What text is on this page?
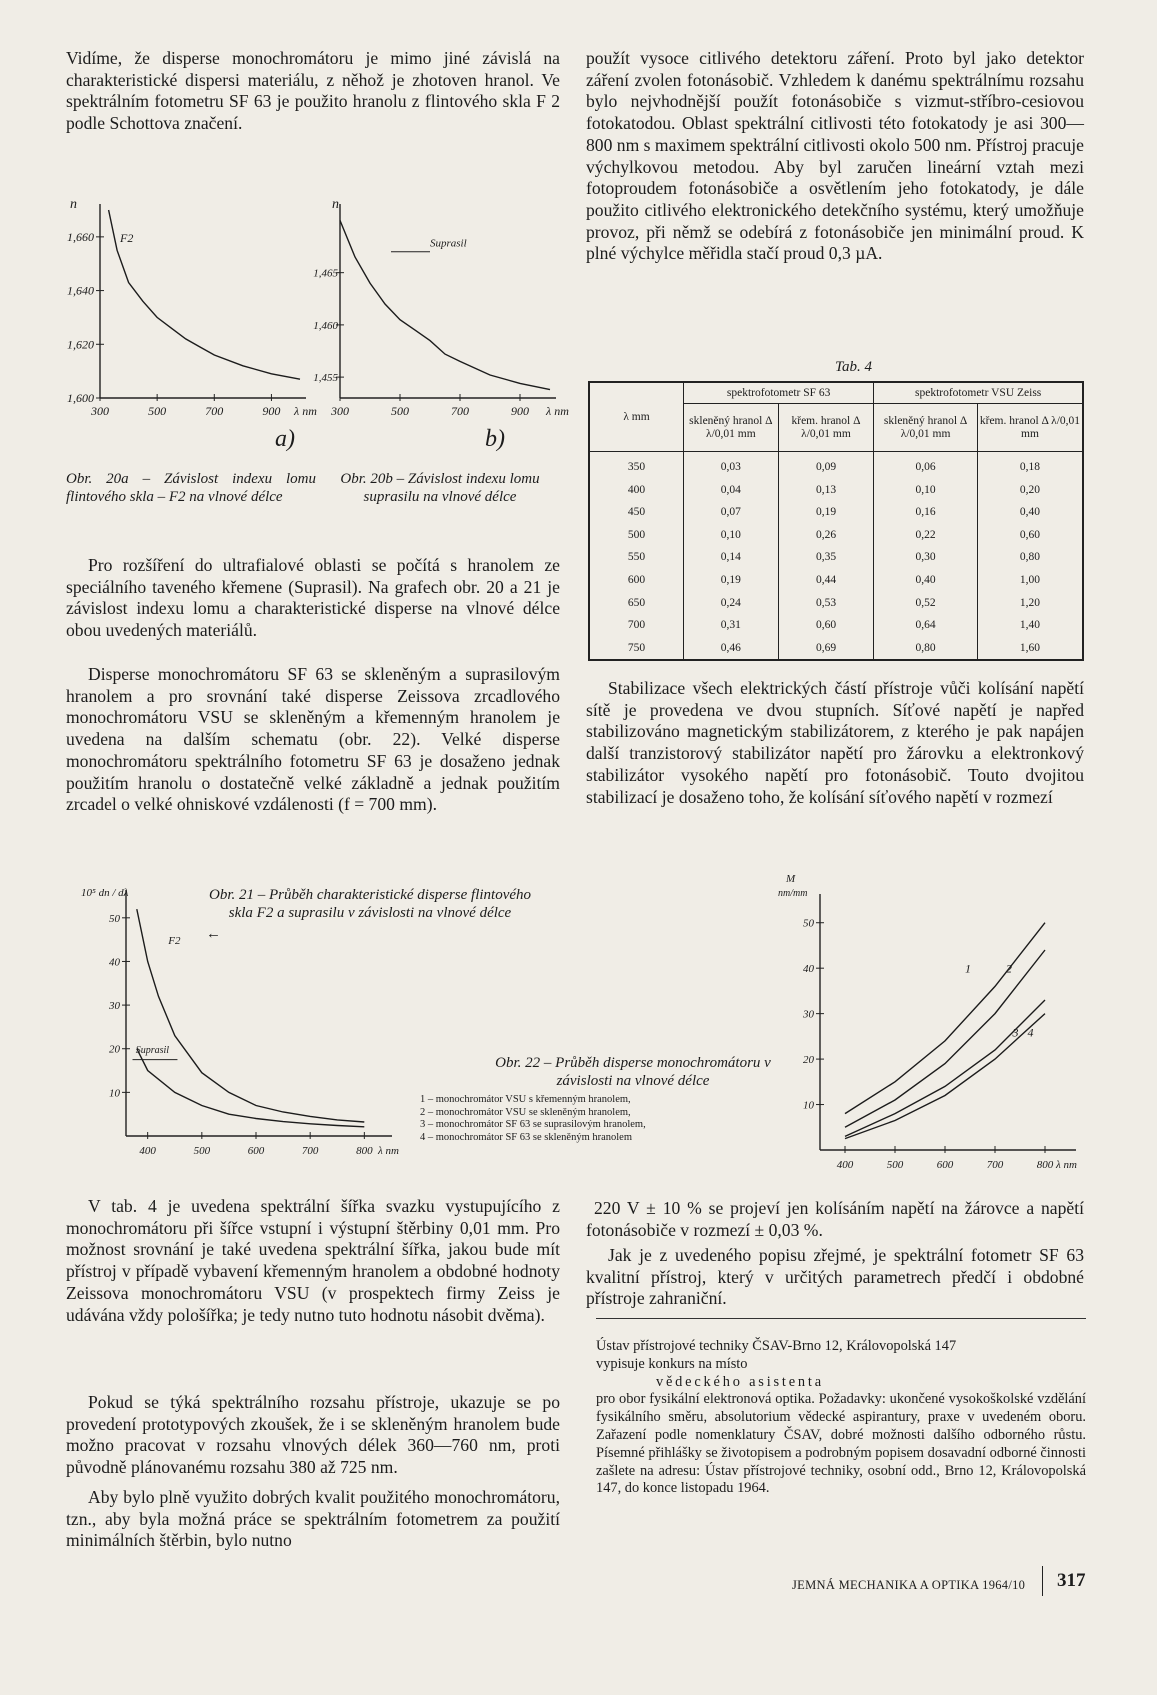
Vidíme, že disperse monochromátoru je mimo jiné závislá na charakteristické dispersi materiálu, z něhož je zhotoven hranol. Ve spektrálním fotometru SF 63 je použito hranolu z flintového skla F 2 podle Schottova značení.

1,660
1,640
1,620
1,600
300	500	700	900 λ nm
n
F2
a)
1,465
1,460
1,455
300	500	700	900 λ nm
n
Suprasil
b)

Obr. 20a – Závislost indexu lomu flintového skla – F2 na vlnové délce

Obr. 20b – Závislost indexu lomu suprasilu na vlnové délce

Pro rozšíření do ultrafialové oblasti se počítá s hranolem ze speciálního taveného křemene (Suprasil). Na grafech obr. 20 a 21 je závislost indexu lomu a charakteristické disperse na vlnové délce obou uvedených materiálů.

Disperse monochromátoru SF 63 se skleněným a suprasilovým hranolem a pro srovnání také disperse Zeissova zrcadlového monochromátoru VSU se skleněným a křemenným hranolem je uvedena na dalším schematu (obr. 22). Velké disperse monochromátoru spektrálního fotometru SF 63 je dosaženo jednak použitím hranolu o dostatečně velké základně a jednak použitím zrcadel o velké ohniskové vzdálenosti (f = 700 mm).

50
40
30
20
10
400	500	600	700	800 λ nm
10⁵ dn / dλ
F2
Suprasil

Obr. 21 – Průběh charakteristické disperse flintového skla F2 a suprasilu v závislosti na vlnové délce

←

V tab. 4 je uvedena spektrální šířka svazku vystupujícího z monochromátoru při šířce vstupní i výstupní štěrbiny 0,01 mm. Pro možnost srovnání je také uvedena spektrální šířka, jakou bude mít přístroj v případě vybavení křemenným hranolem a obdobné hodnoty Zeissova monochromátoru VSU (v prospektech firmy Zeiss je udávána vždy pološířka; je tedy nutno tuto hodnotu násobit dvěma).

Pokud se týká spektrálního rozsahu přístroje, ukazuje se po provedení prototypových zkoušek, že i se skleněným hranolem bude možno pracovat v rozsahu vlnových délek 360—760 nm, proti původně plánovanému rozsahu 380 až 725 nm.

Aby bylo plně využito dobrých kvalit použitého monochromátoru, tzn., aby byla možná práce se spektrálním fotometrem za použití minimálních štěrbin, bylo nutno

použít vysoce citlivého detektoru záření. Proto byl jako detektor záření zvolen fotonásobič. Vzhledem k danému spektrálnímu rozsahu bylo nejvhodnější použít fotonásobiče s vizmut-stříbro-cesiovou fotokatodou. Oblast spektrální citlivosti této fotokatody je asi 300—800 nm s maximem spektrální citlivosti okolo 500 nm. Přístroj pracuje výchylkovou metodou. Aby byl zaručen lineární vztah mezi fotoproudem fotonásobiče a osvětlením jeho fotokatody, je dále použito citlivého elektronického detekčního systému, který umožňuje provoz, při němž se odebírá z fotonásobiče jen minimální proud. K plné výchylce měřidla stačí proud 0,3 µA.

Tab. 4
λ mm	spektrofotometr SF 63		spektrofotometr VSU Zeiss	
	skleněný hranol Δ λ/0,01 mm	křem. hranol Δ λ/0,01 mm	skleněný hranol Δ λ/0,01 mm	křem. hranol Δ λ/0,01 mm
350	0,03	0,09	0,06	0,18
400	0,04	0,13	0,10	0,20
450	0,07	0,19	0,16	0,40
500	0,10	0,26	0,22	0,60
550	0,14	0,35	0,30	0,80
600	0,19	0,44	0,40	1,00
650	0,24	0,53	0,52	1,20
700	0,31	0,60	0,64	1,40
750	0,46	0,69	0,80	1,60

Stabilizace všech elektrických částí přístroje vůči kolísání napětí sítě je provedena ve dvou stupních. Síťové napětí je napřed stabilizováno magnetickým stabilizátorem, z kterého je pak napájen další tranzistorový stabilizátor napětí pro žárovku a elektronkový stabilizátor vysokého napětí pro fotonásobič. Touto dvojitou stabilizací je dosaženo toho, že kolísání síťového napětí v rozmezí

50
40
30
20
10
400	500	600	700	800 λ nm
M
nm/mm
1	2
3 4

Obr. 22 – Průběh disperse monochromátoru v závislosti na vlnové délce

1 – monochromátor VSU s křemenným hranolem,
2 – monochromátor VSU se skleněným hranolem,
3 – monochromátor SF 63 se suprasilovým hranolem,
4 – monochromátor SF 63 se skleněným hranolem

220 V ± 10 % se projeví jen kolísáním napětí na žárovce a napětí fotonásobiče v rozmezí ± 0,03 %.

Jak je z uvedeného popisu zřejmé, je spektrální fotometr SF 63 kvalitní přístroj, který v určitých parametrech předčí i obdobné přístroje zahraniční.

Ústav přístrojové techniky ČSAV-Brno 12, Královopolská 147
vypisuje konkurs na místo
vědeckého asistenta
pro obor fysikální elektronová optika. Požadavky: ukončené vysokoškolské vzdělání fysikálního směru, absolutorium vědecké aspirantury, praxe v uvedeném oboru. Zařazení podle nomenklatury ČSAV, dobré možnosti dalšího odborného růstu. Písemné přihlášky se životopisem a podrobným popisem dosavadní odborné činnosti zašlete na adresu: Ústav přístrojové techniky, osobní odd., Brno 12, Královopolská 147, do konce listopadu 1964.
JEMNÁ MECHANIKA A OPTIKA 1964/10 317
